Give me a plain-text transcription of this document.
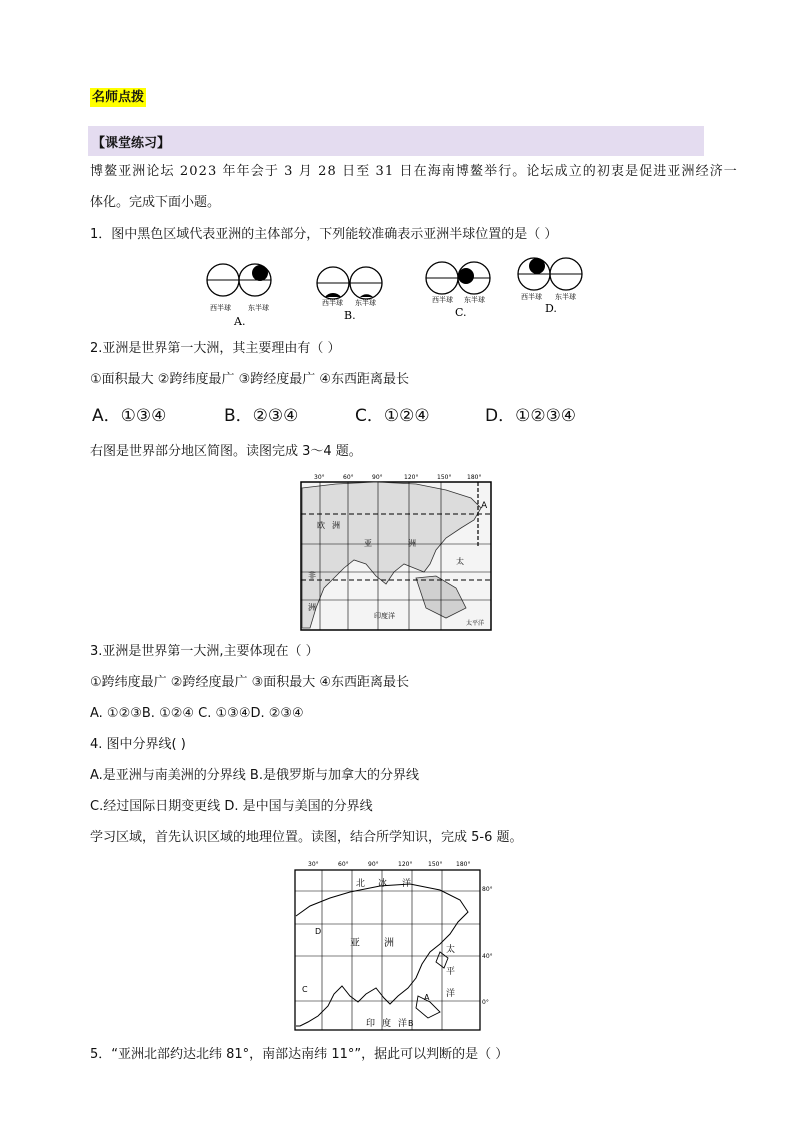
名师点拨
【课堂练习】
博鳌亚洲论坛 2023 年年会于 3 月 28 日至 31 日在海南博鳌举行。论坛成立的初衷是促进亚洲经济一
体化。完成下面小题。
1．图中黑色区域代表亚洲的主体部分，下列能较准确表示亚洲半球位置的是（ ）
西半球 东半球
A.
西半球 东半球
B.
西半球 东半球
C.
西半球 东半球
D.
2.亚洲是世界第一大洲，其主要理由有（ ）
①面积最大 ②跨纬度最广 ③跨经度最广 ④东西距离最长
A．①③④	B．②③④	C．①②④	D．①②③④
右图是世界部分地区简图。读图完成 3～4 题。
30°	60°	90°	120°	150°	180°
欧 洲
亚	洲
非
洲
太
A
印度洋
太平洋
3.亚洲是世界第一大洲,主要体现在（ ）
①跨纬度最广 ②跨经度最广 ③面积最大 ④东西距离最长
A. ①②③B. ①②④ C. ①③④D. ②③④
4. 图中分界线( )
A.是亚洲与南美洲的分界线 B.是俄罗斯与加拿大的分界线
C.经过国际日期变更线 D. 是中国与美国的分界线
学习区域，首先认识区域的地理位置。读图，结合所学知识，完成 5-6 题。
30°	60°	90°	120°	150° 180°
80°
40°
0°
北 冰 洋
亚 洲
太
平
洋
印 度 洋
A
B
C
D
5．“亚洲北部约达北纬 81°，南部达南纬 11°”，据此可以判断的是（ ）
